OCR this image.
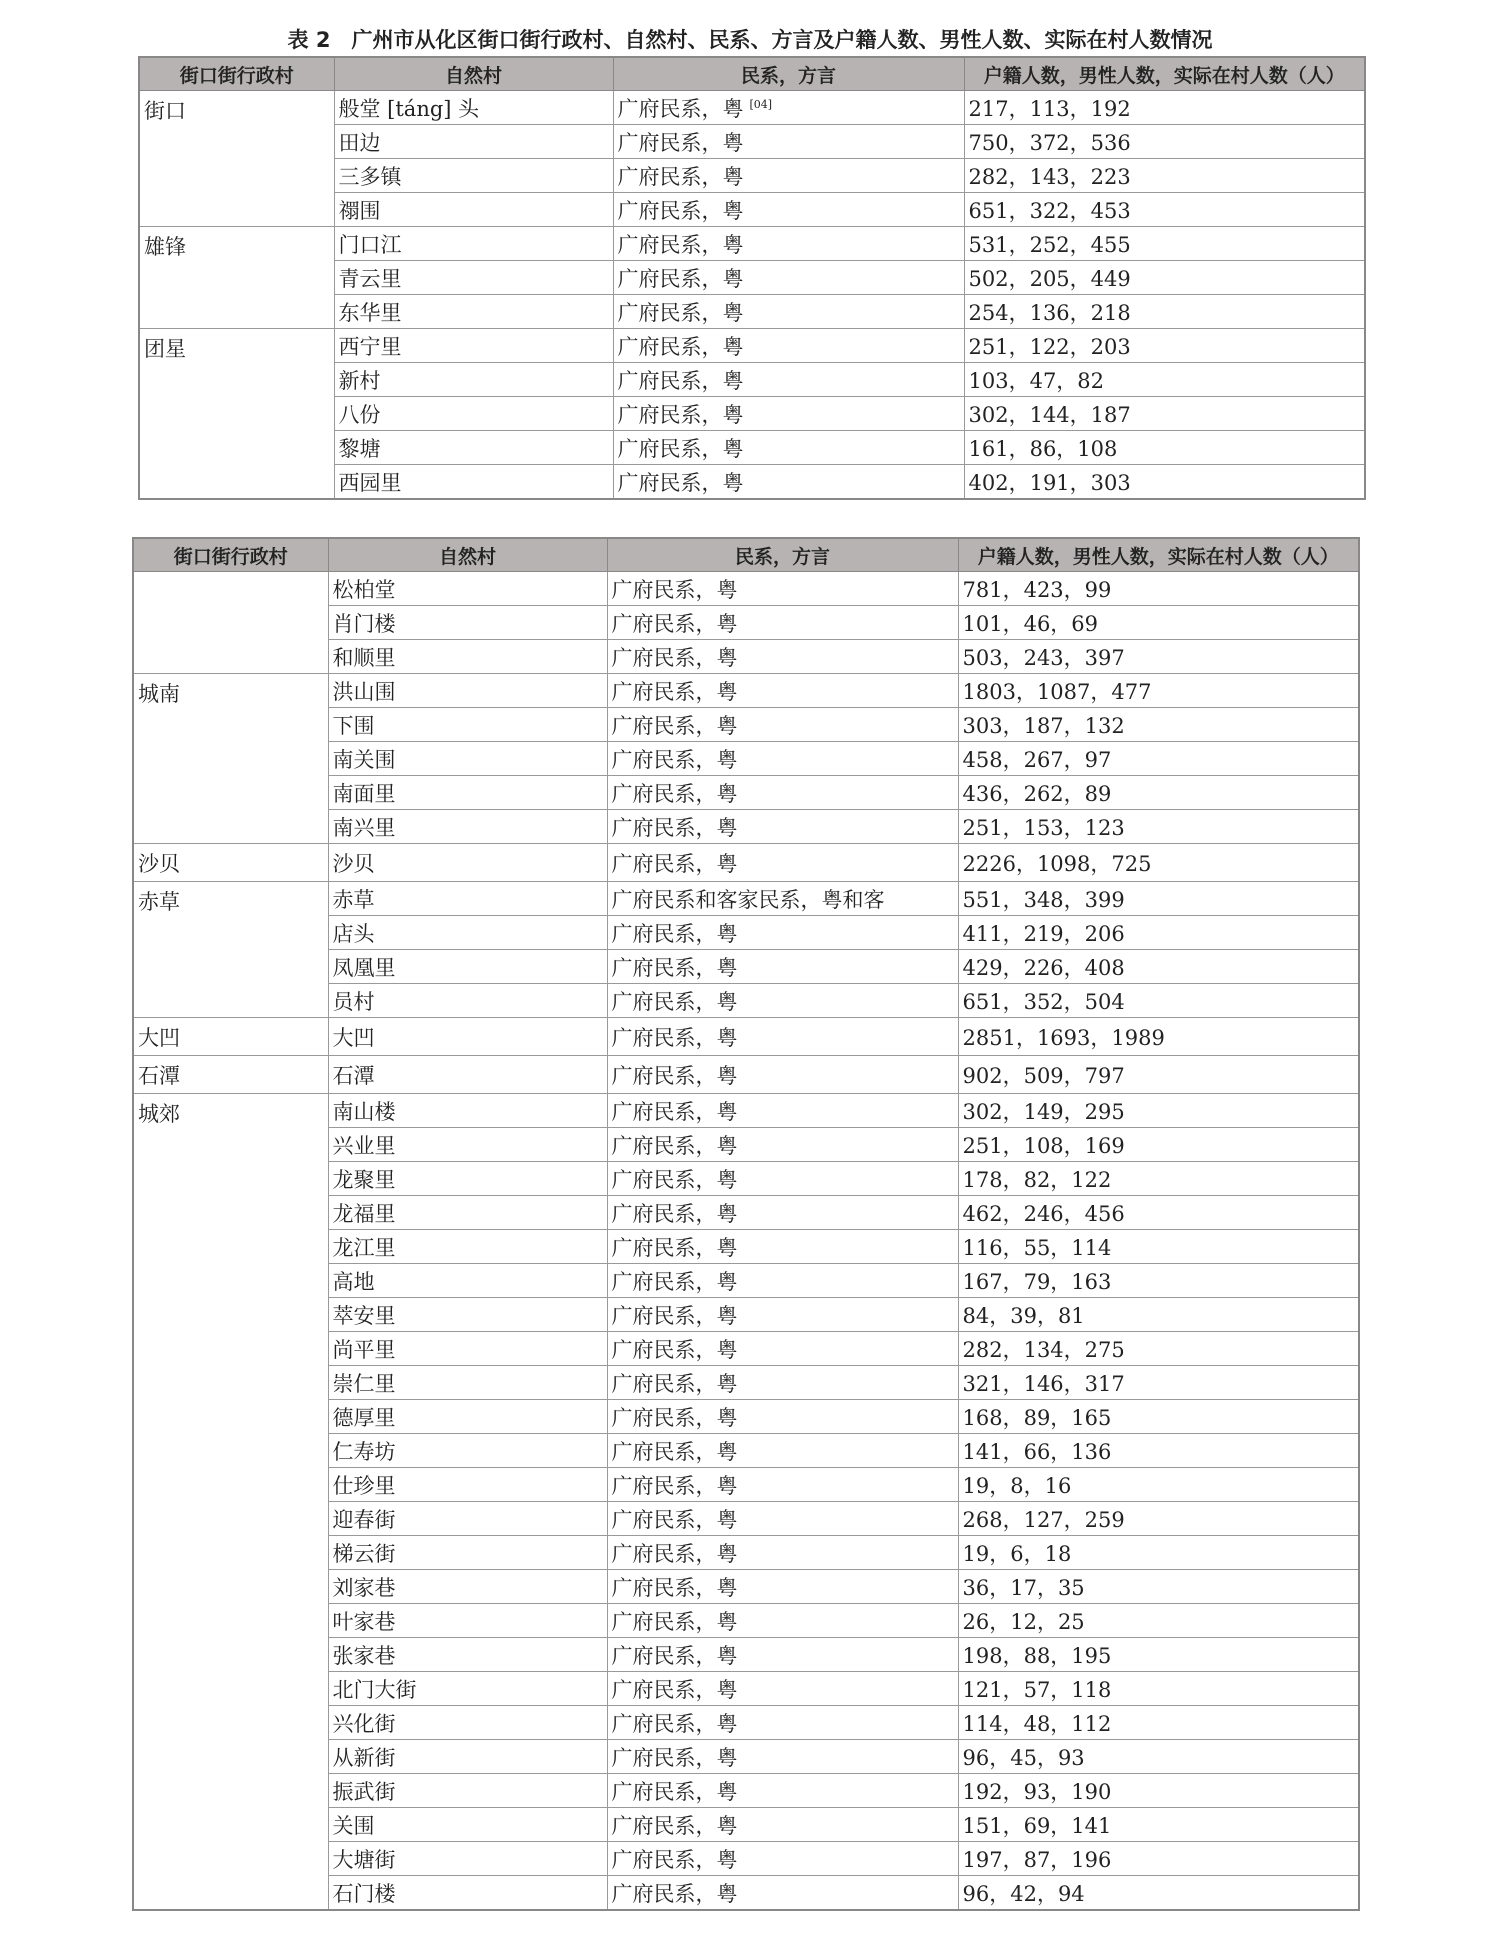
表 2　广州市从化区街口街行政村、自然村、民系、方言及户籍人数、男性人数、实际在村人数情况
街口街行政村	自然村	民系，方言	户籍人数，男性人数，实际在村人数（人）
街口	般堂 [táng] 头	广府民系，粤 [04]	217，113，192
	田边	广府民系，粤	750，372，536
	三多镇	广府民系，粤	282，143，223
	禤围	广府民系，粤	651，322，453
雄锋	门口江	广府民系，粤	531，252，455
	青云里	广府民系，粤	502，205，449
	东华里	广府民系，粤	254，136，218
团星	西宁里	广府民系，粤	251，122，203
	新村	广府民系，粤	103，47，82
	八份	广府民系，粤	302，144，187
	黎塘	广府民系，粤	161，86，108
	西园里	广府民系，粤	402，191，303
街口街行政村	自然村	民系，方言	户籍人数，男性人数，实际在村人数（人）
	松柏堂	广府民系，粤	781，423，99
	肖门楼	广府民系，粤	101，46，69
	和顺里	广府民系，粤	503，243，397
城南	洪山围	广府民系，粤	1803，1087，477
	下围	广府民系，粤	303，187，132
	南关围	广府民系，粤	458，267，97
	南面里	广府民系，粤	436，262，89
	南兴里	广府民系，粤	251，153，123
沙贝	沙贝	广府民系，粤	2226，1098，725
赤草	赤草	广府民系和客家民系，粤和客	551，348，399
	店头	广府民系，粤	411，219，206
	凤凰里	广府民系，粤	429，226，408
	员村	广府民系，粤	651，352，504
大凹	大凹	广府民系，粤	2851，1693，1989
石潭	石潭	广府民系，粤	902，509，797
城郊	南山楼	广府民系，粤	302，149，295
	兴业里	广府民系，粤	251，108，169
	龙聚里	广府民系，粤	178，82，122
	龙福里	广府民系，粤	462，246，456
	龙江里	广府民系，粤	116，55，114
	高地	广府民系，粤	167，79，163
	萃安里	广府民系，粤	84，39，81
	尚平里	广府民系，粤	282，134，275
	崇仁里	广府民系，粤	321，146，317
	德厚里	广府民系，粤	168，89，165
	仁寿坊	广府民系，粤	141，66，136
	仕珍里	广府民系，粤	19，8，16
	迎春街	广府民系，粤	268，127，259
	梯云街	广府民系，粤	19，6，18
	刘家巷	广府民系，粤	36，17，35
	叶家巷	广府民系，粤	26，12，25
	张家巷	广府民系，粤	198，88，195
	北门大街	广府民系，粤	121，57，118
	兴化街	广府民系，粤	114，48，112
	从新街	广府民系，粤	96，45，93
	振武街	广府民系，粤	192，93，190
	关围	广府民系，粤	151，69，141
	大塘街	广府民系，粤	197，87，196
	石门楼	广府民系，粤	96，42，94
